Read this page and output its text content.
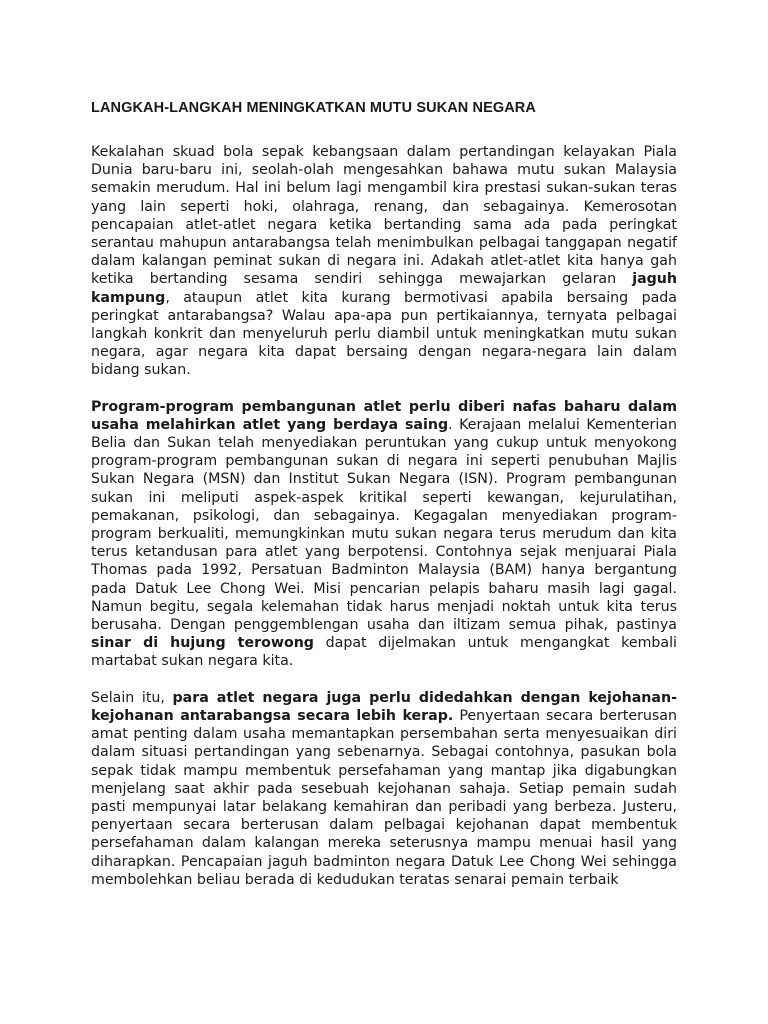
LANGKAH-LANGKAH MENINGKATKAN MUTU SUKAN NEGARA

Kekalahan skuad bola sepak kebangsaan dalam pertandingan kelayakan Piala Dunia baru-baru ini, seolah-olah mengesahkan bahawa mutu sukan Malaysia semakin merudum. Hal ini belum lagi mengambil kira prestasi sukan-sukan teras yang lain seperti hoki, olahraga, renang, dan sebagainya. Kemerosotan pencapaian atlet-atlet negara ketika bertanding sama ada pada peringkat serantau mahupun antarabangsa telah menimbulkan pelbagai tanggapan negatif dalam kalangan peminat sukan di negara ini. Adakah atlet-atlet kita hanya gah ketika bertanding sesama sendiri sehingga mewajarkan gelaran jaguh kampung, ataupun atlet kita kurang bermotivasi apabila bersaing pada peringkat antarabangsa? Walau apa-apa pun pertikaiannya, ternyata pelbagai langkah konkrit dan menyeluruh perlu diambil untuk meningkatkan mutu sukan negara, agar negara kita dapat bersaing dengan negara-negara lain dalam bidang sukan.

Program-program pembangunan atlet perlu diberi nafas baharu dalam usaha melahirkan atlet yang berdaya saing. Kerajaan melalui Kementerian Belia dan Sukan telah menyediakan peruntukan yang cukup untuk menyokong program-program pembangunan sukan di negara ini seperti penubuhan Majlis Sukan Negara (MSN) dan Institut Sukan Negara (ISN). Program pembangunan sukan ini meliputi aspek-aspek kritikal seperti kewangan, kejurulatihan, pemakanan, psikologi, dan sebagainya. Kegagalan menyediakan program-program berkualiti, memungkinkan mutu sukan negara terus merudum dan kita terus ketandusan para atlet yang berpotensi. Contohnya sejak menjuarai Piala Thomas pada 1992, Persatuan Badminton Malaysia (BAM) hanya bergantung pada Datuk Lee Chong Wei. Misi pencarian pelapis baharu masih lagi gagal. Namun begitu, segala kelemahan tidak harus menjadi noktah untuk kita terus berusaha. Dengan penggemblengan usaha dan iltizam semua pihak, pastinya sinar di hujung terowong dapat dijelmakan untuk mengangkat kembali martabat sukan negara kita.

Selain itu, para atlet negara juga perlu didedahkan dengan kejohanan-kejohanan antarabangsa secara lebih kerap. Penyertaan secara berterusan amat penting dalam usaha memantapkan persembahan serta menyesuaikan diri dalam situasi pertandingan yang sebenarnya. Sebagai contohnya, pasukan bola sepak tidak mampu membentuk persefahaman yang mantap jika digabungkan menjelang saat akhir pada sesebuah kejohanan sahaja. Setiap pemain sudah pasti mempunyai latar belakang kemahiran dan peribadi yang berbeza. Justeru, penyertaan secara berterusan dalam pelbagai kejohanan dapat membentuk persefahaman dalam kalangan mereka seterusnya mampu menuai hasil yang diharapkan. Pencapaian jaguh badminton negara Datuk Lee Chong Wei sehingga membolehkan beliau berada di kedudukan teratas senarai pemain terbaik
